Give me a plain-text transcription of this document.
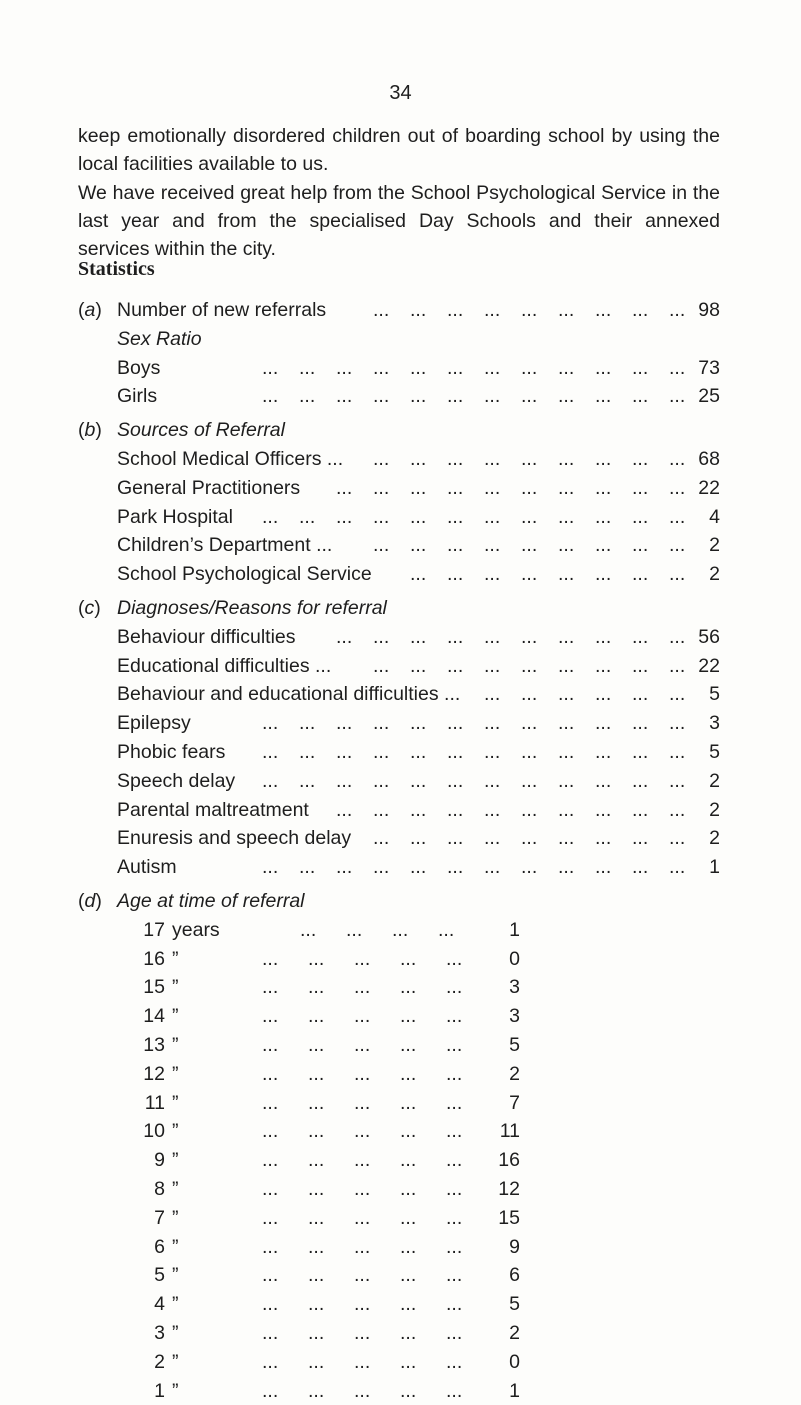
34
keep emotionally disordered children out of boarding school by using the local facilities available to us.
We have received great help from the School Psychological Service in the last year and from the specialised Day Schools and their annexed services within the city.
Statistics
(a) Number of new referrals	98
... ... ... ... ... ... ... ... ...
Sex Ratio
Boys	73
... ... ... ... ... ... ... ... ... ... ... ...
Girls	25
... ... ... ... ... ... ... ... ... ... ... ...
(b) Sources of Referral
School Medical Officers ...	68
... ... ... ... ... ... ... ... ...
General Practitioners	22
... ... ... ... ... ... ... ... ... ...
Park Hospital	4
... ... ... ... ... ... ... ... ... ... ... ...
Children’s Department ...	2
... ... ... ... ... ... ... ... ...
School Psychological Service	2
... ... ... ... ... ... ... ...
(c) Diagnoses/Reasons for referral
Behaviour difficulties	56
... ... ... ... ... ... ... ... ... ...
Educational difficulties ...	22
... ... ... ... ... ... ... ... ...
Behaviour and educational difficulties ...	5
... ... ... ... ... ...
Epilepsy	3
... ... ... ... ... ... ... ... ... ... ... ...
Phobic fears	5
... ... ... ... ... ... ... ... ... ... ... ...
Speech delay	2
... ... ... ... ... ... ... ... ... ... ... ...
Parental maltreatment	2
... ... ... ... ... ... ... ... ... ...
Enuresis and speech delay	2
... ... ... ... ... ... ... ... ...
Autism	1
... ... ... ... ... ... ... ... ... ... ... ...
(d) Age at time of referral
17 years	... ... ... ...	1
16 ”	... ... ... ... ...	0
15 ”	... ... ... ... ...	3
14 ”	... ... ... ... ...	3
13 ”	... ... ... ... ...	5
12 ”	... ... ... ... ...	2
11 ”	... ... ... ... ...	7
10 ”	... ... ... ... ...	11
9 ”	... ... ... ... ...	16
8 ”	... ... ... ... ...	12
7 ”	... ... ... ... ...	15
6 ”	... ... ... ... ...	9
5 ”	... ... ... ... ...	6
4 ”	... ... ... ... ...	5
3 ”	... ... ... ... ...	2
2 ”	... ... ... ... ...	0
1 ”	... ... ... ... ...	1
